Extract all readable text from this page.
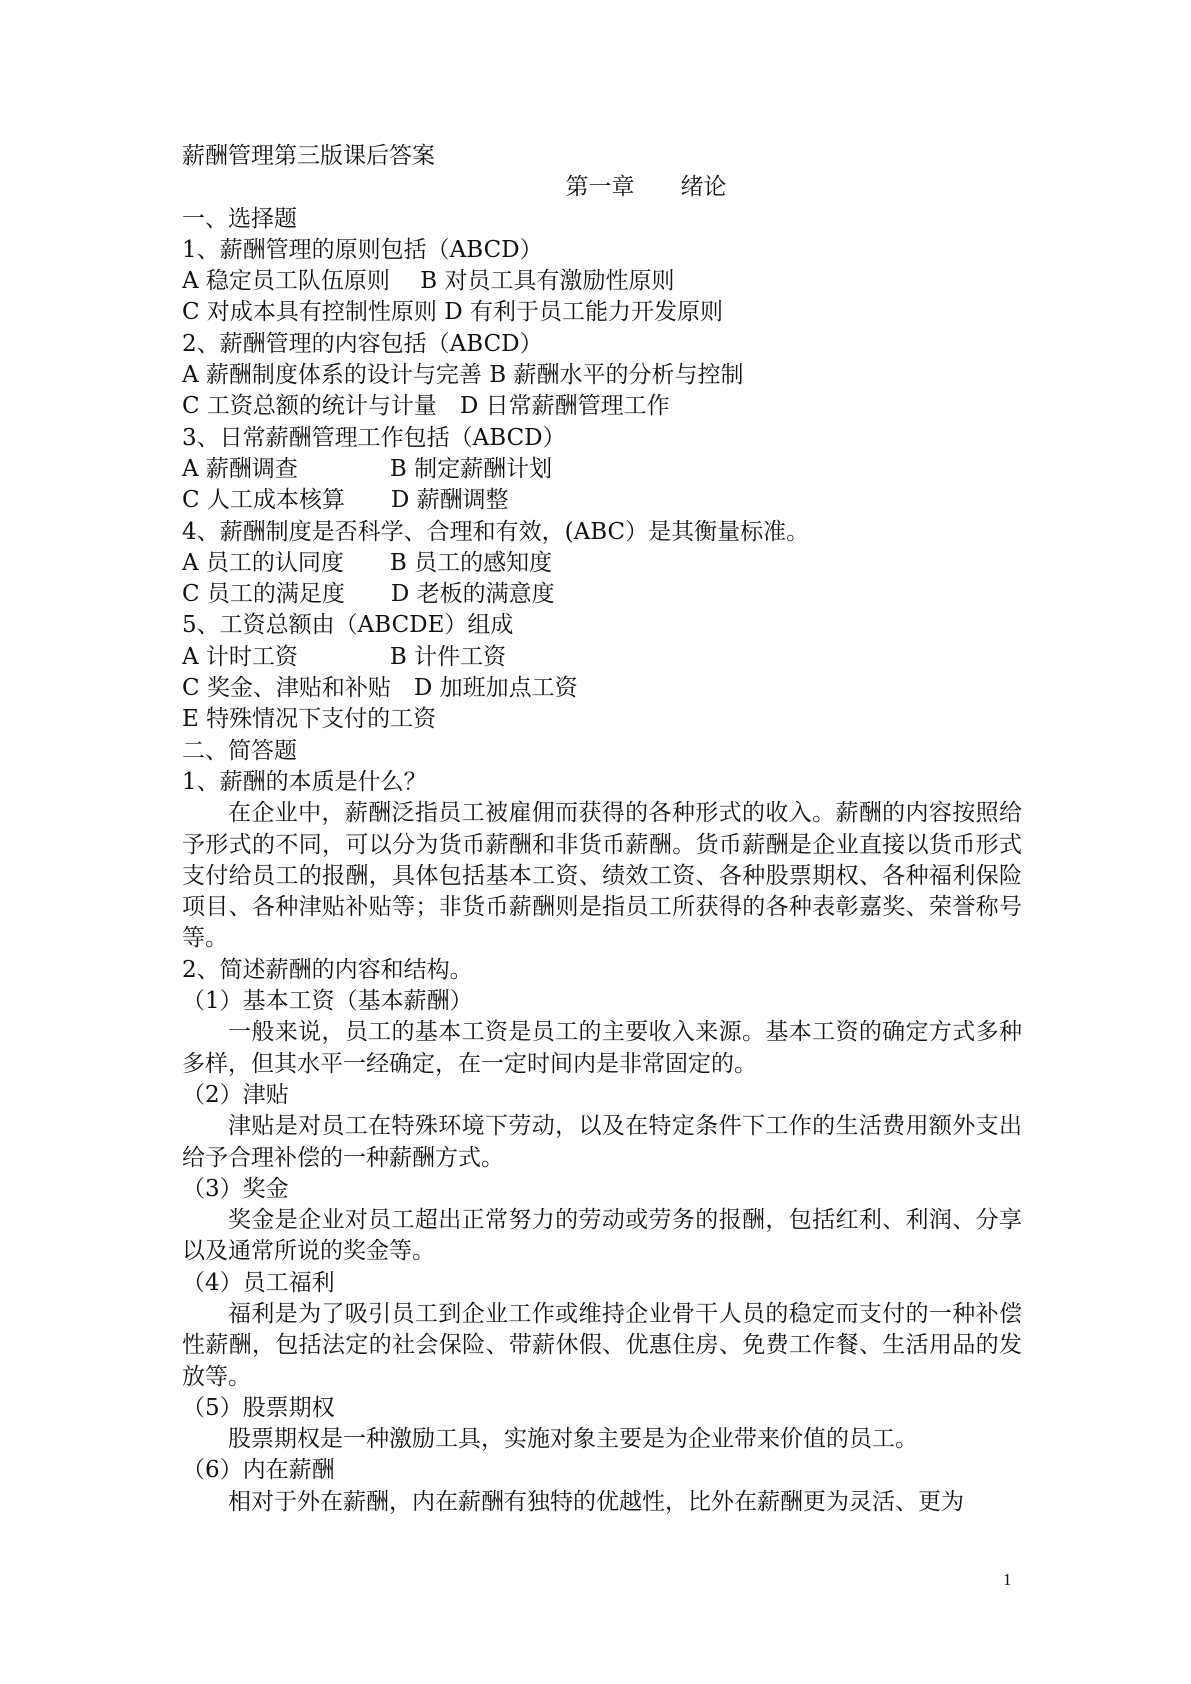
薪酬管理第三版课后答案
第一章　　绪论
一、选择题
1、薪酬管理的原则包括（ABCD）
A 稳定员工队伍原则　 B 对员工具有激励性原则
C 对成本具有控制性原则 D 有利于员工能力开发原则
2、薪酬管理的内容包括（ABCD）
A 薪酬制度体系的设计与完善 B 薪酬水平的分析与控制
C 工资总额的统计与计量　D 日常薪酬管理工作
3、日常薪酬管理工作包括（ABCD）
A 薪酬调查　　　　B 制定薪酬计划
C 人工成本核算　　D 薪酬调整
4、薪酬制度是否科学、合理和有效，(ABC）是其衡量标准。
A 员工的认同度　　B 员工的感知度
C 员工的满足度　　D 老板的满意度
5、工资总额由（ABCDE）组成
A 计时工资　　　　B 计件工资
C 奖金、津贴和补贴　D 加班加点工资
E 特殊情况下支付的工资
二、简答题
1、薪酬的本质是什么？
在企业中，薪酬泛指员工被雇佣而获得的各种形式的收入。薪酬的内容按照给予形式的不同，可以分为货币薪酬和非货币薪酬。货币薪酬是企业直接以货币形式支付给员工的报酬，具体包括基本工资、绩效工资、各种股票期权、各种福利保险项目、各种津贴补贴等；非货币薪酬则是指员工所获得的各种表彰嘉奖、荣誉称号等。
2、简述薪酬的内容和结构。
（1）基本工资（基本薪酬）
一般来说，员工的基本工资是员工的主要收入来源。基本工资的确定方式多种多样，但其水平一经确定，在一定时间内是非常固定的。
（2）津贴
津贴是对员工在特殊环境下劳动，以及在特定条件下工作的生活费用额外支出给予合理补偿的一种薪酬方式。
（3）奖金
奖金是企业对员工超出正常努力的劳动或劳务的报酬，包括红利、利润、分享以及通常所说的奖金等。
（4）员工福利
福利是为了吸引员工到企业工作或维持企业骨干人员的稳定而支付的一种补偿性薪酬，包括法定的社会保险、带薪休假、优惠住房、免费工作餐、生活用品的发放等。
（5）股票期权
股票期权是一种激励工具，实施对象主要是为企业带来价值的员工。
（6）内在薪酬
相对于外在薪酬，内在薪酬有独特的优越性，比外在薪酬更为灵活、更为
1
